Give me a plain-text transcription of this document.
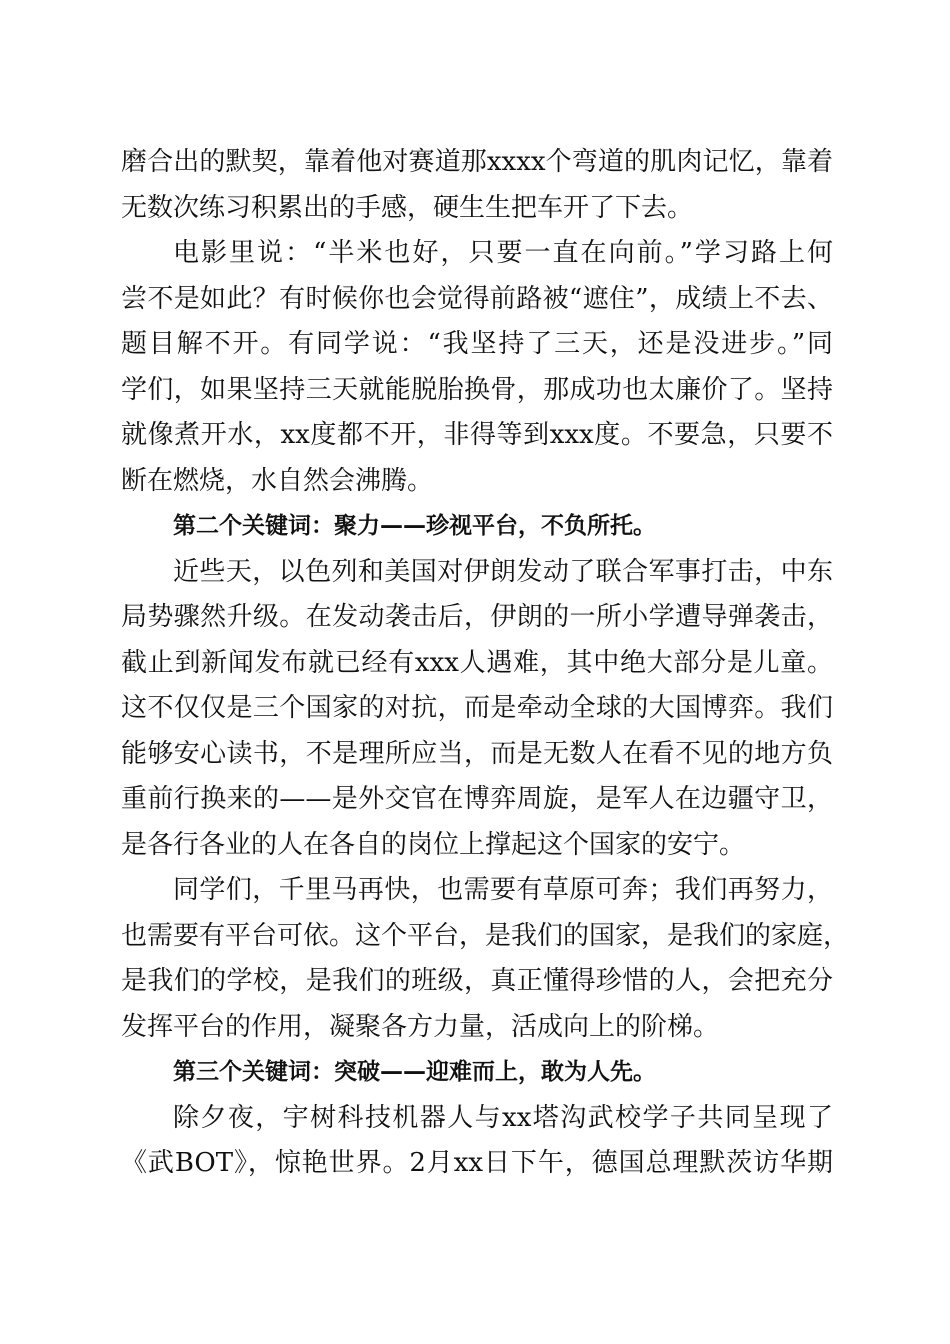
磨合出的默契，靠着他对赛道那xxxx个弯道的肌肉记忆，靠着
无数次练习积累出的手感，硬生生把车开了下去。
电影里说：“半米也好，只要一直在向前。”学习路上何
尝不是如此？有时候你也会觉得前路被“遮住”，成绩上不去、
题目解不开。有同学说：“我坚持了三天，还是没进步。”同
学们，如果坚持三天就能脱胎换骨，那成功也太廉价了。坚持
就像煮开水，xx度都不开，非得等到xxx度。不要急，只要不
断在燃烧，水自然会沸腾。
第二个关键词：聚力——珍视平台，不负所托。
近些天，以色列和美国对伊朗发动了联合军事打击，中东
局势骤然升级。在发动袭击后，伊朗的一所小学遭导弹袭击，
截止到新闻发布就已经有xxx人遇难，其中绝大部分是儿童。
这不仅仅是三个国家的对抗，而是牵动全球的大国博弈。我们
能够安心读书，不是理所应当，而是无数人在看不见的地方负
重前行换来的——是外交官在博弈周旋，是军人在边疆守卫，
是各行各业的人在各自的岗位上撑起这个国家的安宁。
同学们，千里马再快，也需要有草原可奔；我们再努力，
也需要有平台可依。这个平台，是我们的国家，是我们的家庭，
是我们的学校，是我们的班级，真正懂得珍惜的人，会把充分
发挥平台的作用，凝聚各方力量，活成向上的阶梯。
第三个关键词：突破——迎难而上，敢为人先。
除夕夜，宇树科技机器人与xx塔沟武校学子共同呈现了
《武BOT》，惊艳世界。2月xx日下午，德国总理默茨访华期
